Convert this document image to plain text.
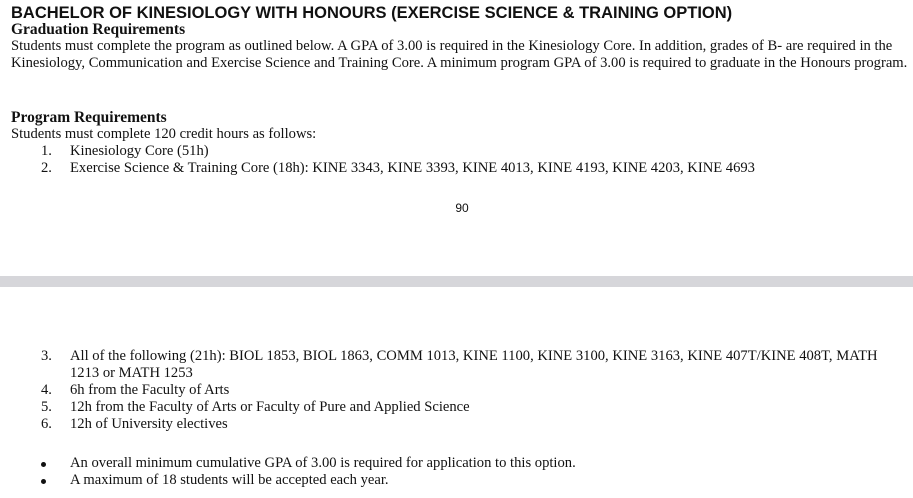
BACHELOR OF KINESIOLOGY WITH HONOURS (EXERCISE SCIENCE & TRAINING OPTION)
Graduation Requirements

Students must complete the program as outlined below. A GPA of 3.00 is required in the Kinesiology Core. In addition, grades of B- are required in the Kinesiology, Communication and Exercise Science and Training Core. A minimum program GPA of 3.00 is required to graduate in the Honours program.

Program Requirements

Students must complete 120 credit hours as follows:

1. Kinesiology Core (51h)
2. Exercise Science & Training Core (18h): KINE 3343, KINE 3393, KINE 4013, KINE 4193, KINE 4203, KINE 4693

90

3. All of the following (21h): BIOL 1853, BIOL 1863, COMM 1013, KINE 1100, KINE 3100, KINE 3163, KINE 407T/KINE 408T, MATH 1213 or MATH 1253
4. 6h from the Faculty of Arts
5. 12h from the Faculty of Arts or Faculty of Pure and Applied Science
6. 12h of University electives
An overall minimum cumulative GPA of 3.00 is required for application to this option.
A maximum of 18 students will be accepted each year.
